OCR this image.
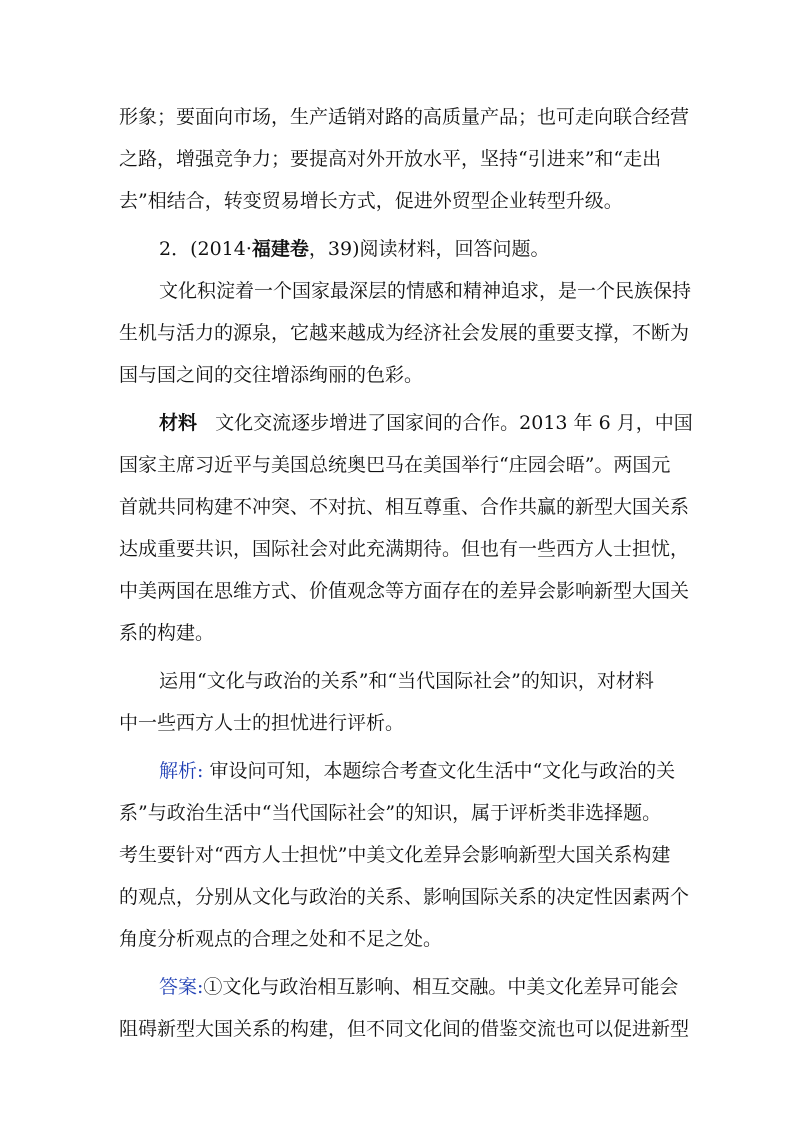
形象；要面向市场，生产适销对路的高质量产品；也可走向联合经营
之路，增强竞争力；要提高对外开放水平，坚持“引进来”和“走出
去”相结合，转变贸易增长方式，促进外贸型企业转型升级。
2．(2014·福建卷，39)阅读材料，回答问题。
文化积淀着一个国家最深层的情感和精神追求，是一个民族保持
生机与活力的源泉，它越来越成为经济社会发展的重要支撑，不断为
国与国之间的交往增添绚丽的色彩。
材料 文化交流逐步增进了国家间的合作。2013 年 6 月，中国
国家主席习近平与美国总统奥巴马在美国举行“庄园会晤”。两国元
首就共同构建不冲突、不对抗、相互尊重、合作共赢的新型大国关系
达成重要共识，国际社会对此充满期待。但也有一些西方人士担忧，
中美两国在思维方式、价值观念等方面存在的差异会影响新型大国关
系的构建。
运用“文化与政治的关系”和“当代国际社会”的知识，对材料
中一些西方人士的担忧进行评析。
解析: 审设问可知，本题综合考查文化生活中“文化与政治的关
系”与政治生活中“当代国际社会”的知识，属于评析类非选择题。
考生要针对“西方人士担忧”中美文化差异会影响新型大国关系构建
的观点，分别从文化与政治的关系、影响国际关系的决定性因素两个
角度分析观点的合理之处和不足之处。
答案:①文化与政治相互影响、相互交融。中美文化差异可能会
阻碍新型大国关系的构建，但不同文化间的借鉴交流也可以促进新型
